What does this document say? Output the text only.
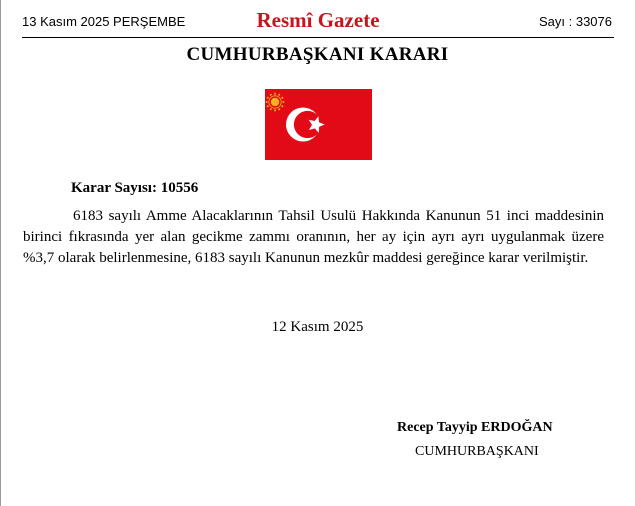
13 Kasım 2025 PERŞEMBE	Resmî Gazete	Sayı : 33076
CUMHURBAŞKANI KARARI
Karar Sayısı: 10556

6183 sayılı Amme Alacaklarının Tahsil Usulü Hakkında Kanunun 51 inci maddesinin birinci fıkrasında yer alan gecikme zammı oranının, her ay için ayrı ayrı uygulanmak üzere %3,7 olarak belirlenmesine, 6183 sayılı Kanunun mezkûr maddesi gereğince karar verilmiştir.

12 Kasım 2025
Recep Tayyip ERDOĞAN
CUMHURBAŞKANI
